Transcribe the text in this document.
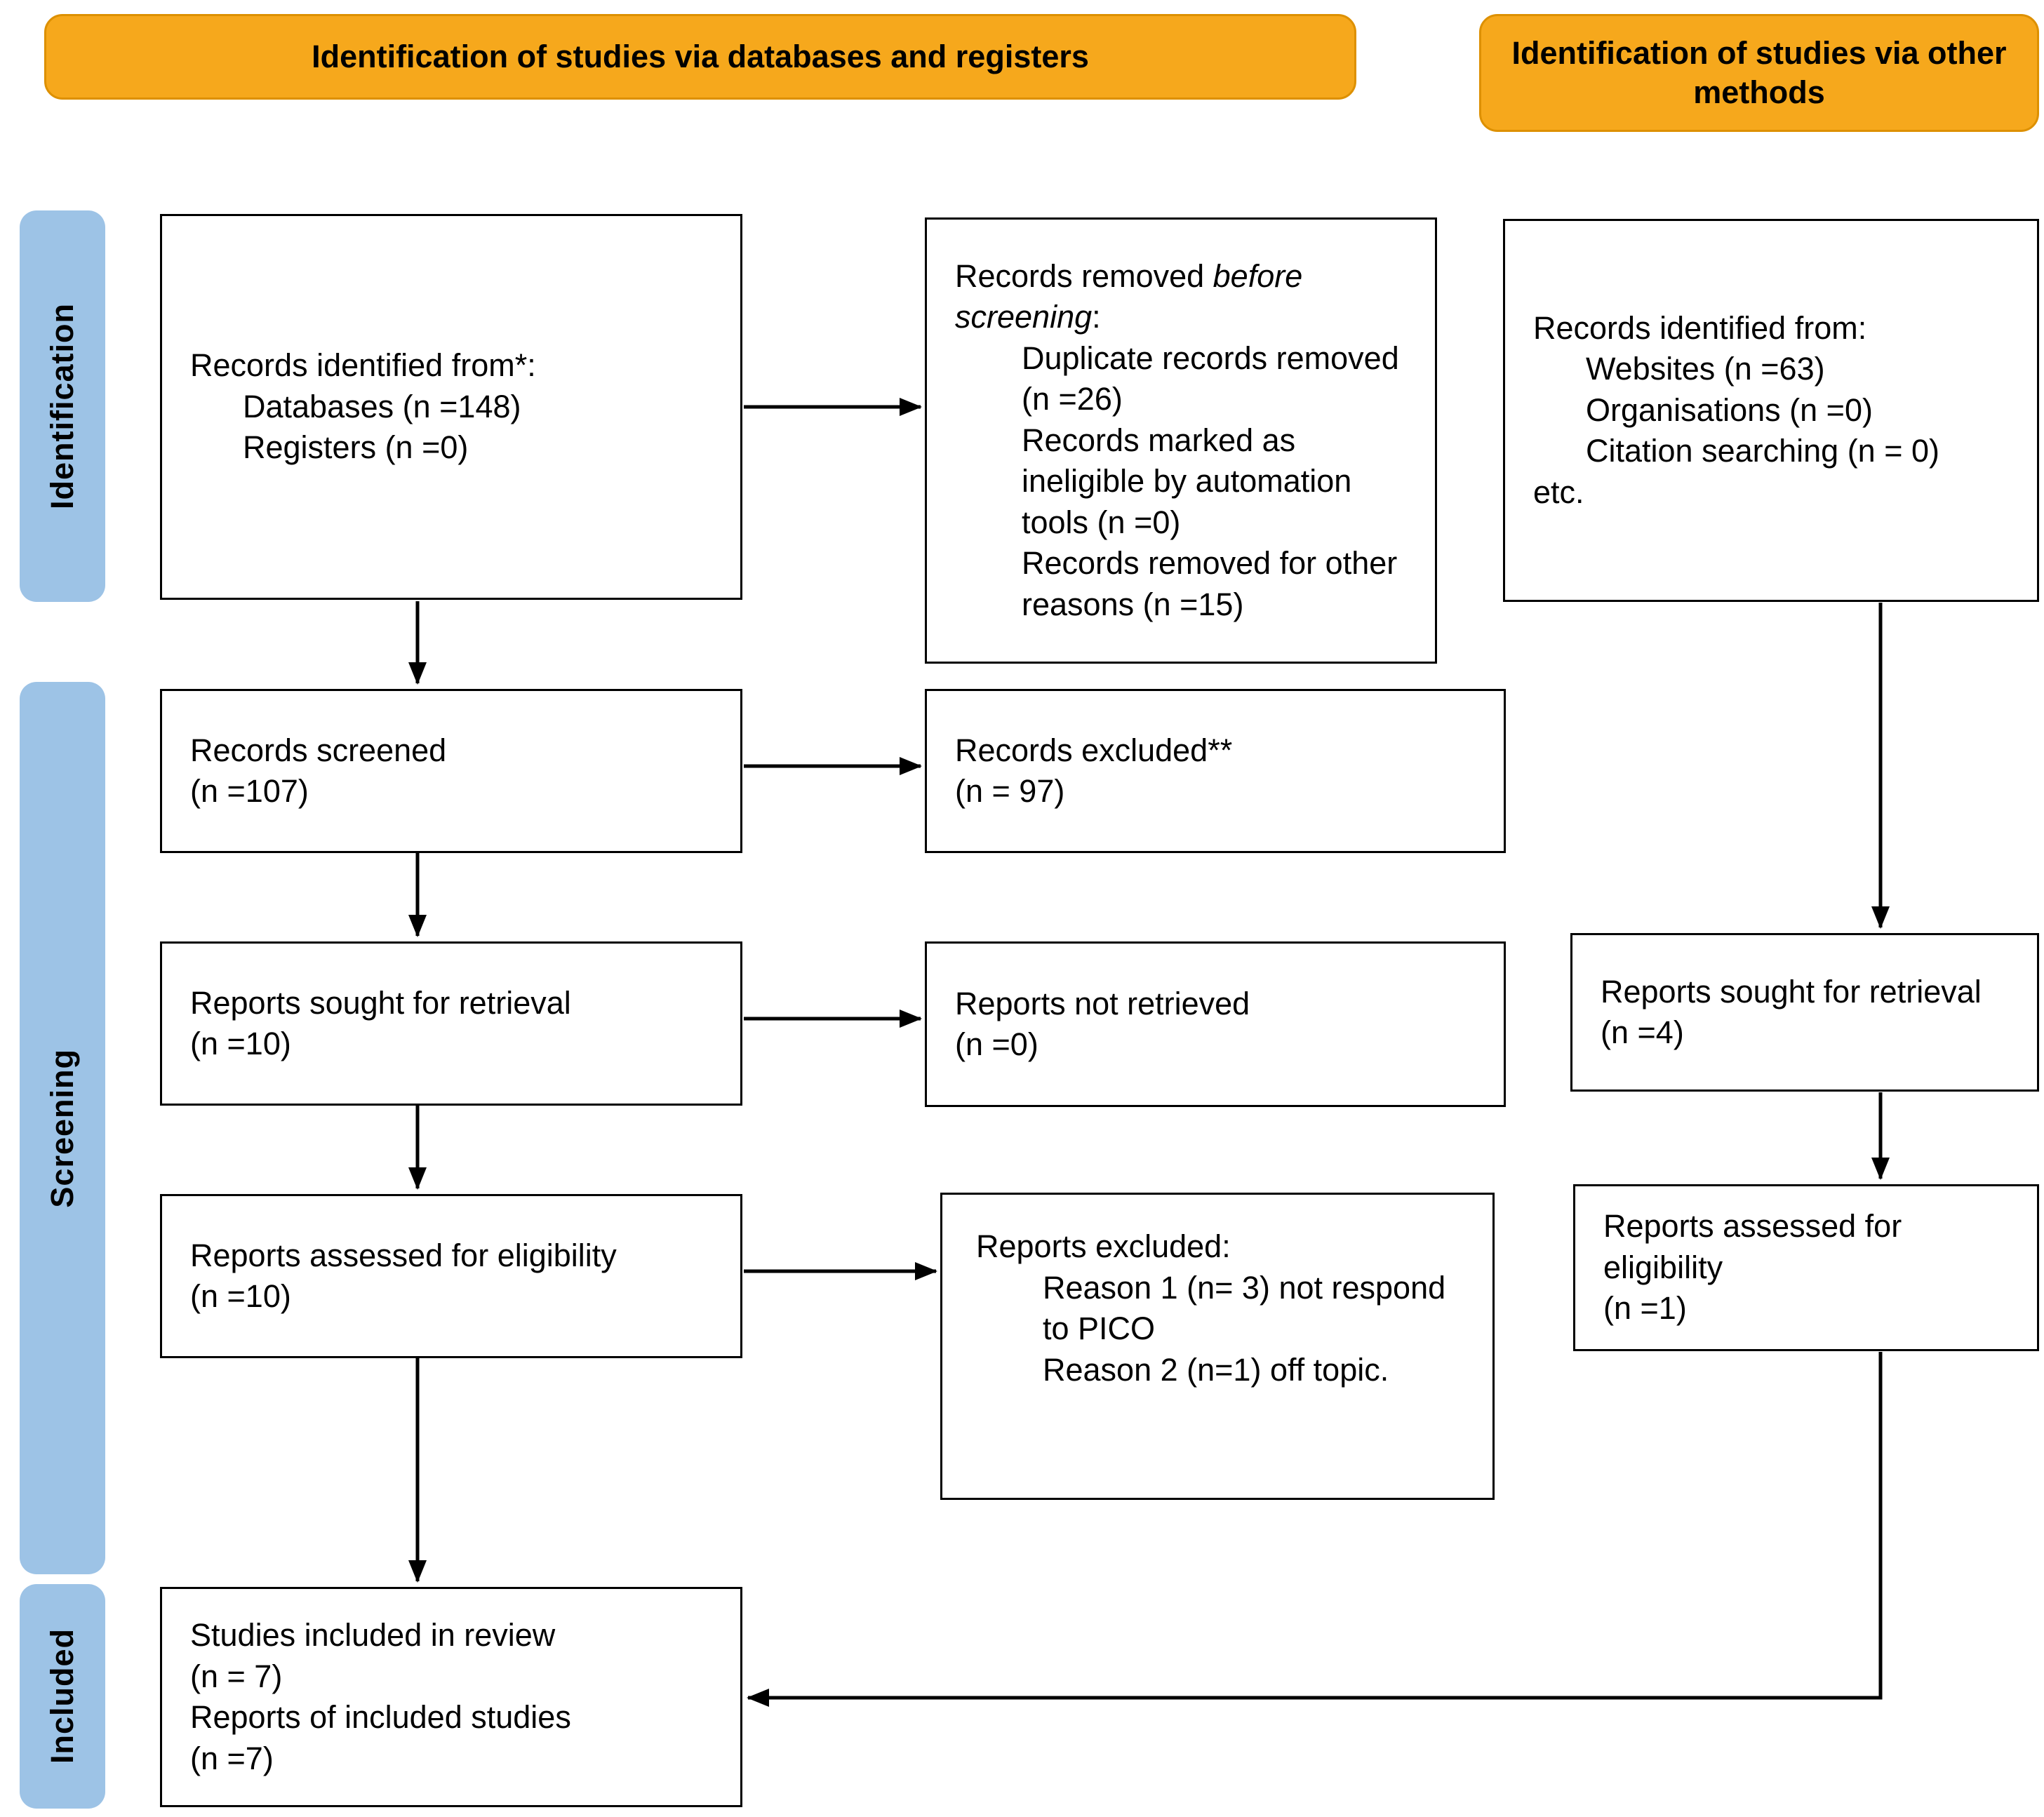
Identification of studies via databases and registers	Identification of studies via other methods
Identification
Screening
Included
Records identified from*:
Databases (n =148)
Registers (n =0)
Records screened
(n =107)
Reports sought for retrieval
(n =10)
Reports assessed for eligibility
(n =10)
Studies included in review
(n = 7)
Reports of included studies
(n =7)
Records removed before screening:
Duplicate records removed (n =26)
Records marked as ineligible by automation tools (n =0)
Records removed for other reasons (n =15)
Records excluded**
(n = 97)
Reports not retrieved
(n =0)
Reports excluded:
Reason 1 (n= 3) not respond to PICO
Reason 2 (n=1) off topic.
Records identified from:
Websites (n =63)
Organisations (n =0)
Citation searching (n = 0)
etc.
Reports sought for retrieval
(n =4)
Reports assessed for eligibility
(n =1)
